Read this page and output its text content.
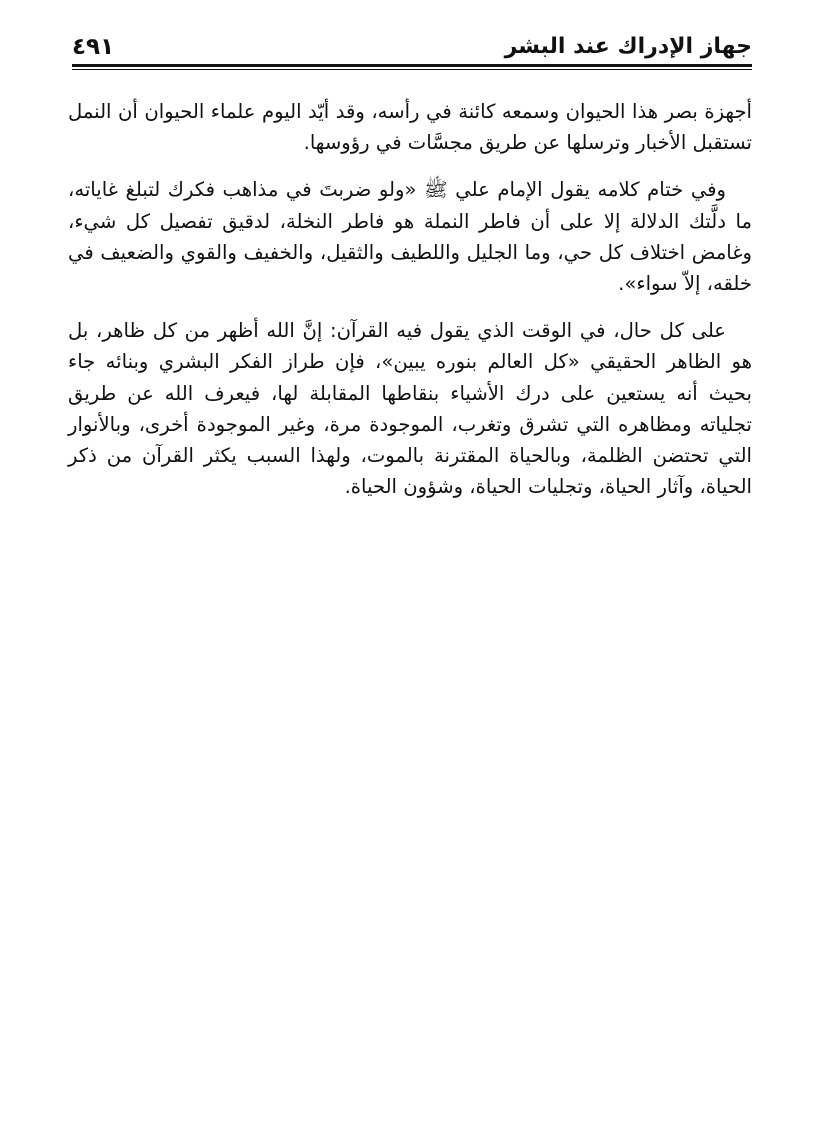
جهاز الإدراك عند البشر
٤٩١

أجهزة بصر هذا الحيوان وسمعه كائنة في رأسه، وقد أيّد اليوم علماء الحيوان أن النمل تستقبل الأخبار وترسلها عن طريق مجسَّات في رؤوسها.

وفي ختام كلامه يقول الإمام علي ﷺ «ولو ضربتَ في مذاهب فكرك لتبلغ غاياته، ما دلَّتك الدلالة إلا على أن فاطر النملة هو فاطر النخلة، لدقيق تفصيل كل شيء، وغامض اختلاف كل حي، وما الجليل واللطيف والثقيل، والخفيف والقوي والضعيف في خلقه، إلاّ سواء».

على كل حال، في الوقت الذي يقول فيه القرآن: إنَّ الله أظهر من كل ظاهر، بل هو الظاهر الحقيقي «كل العالم بنوره يبين»، فإن طراز الفكر البشري وبنائه جاء بحيث أنه يستعين على درك الأشياء بنقاطها المقابلة لها، فيعرف الله عن طريق تجلياته ومظاهره التي تشرق وتغرب، الموجودة مرة، وغير الموجودة أخرى، وبالأنوار التي تحتضن الظلمة، وبالحياة المقترنة بالموت، ولهذا السبب يكثر القرآن من ذكر الحياة، وآثار الحياة، وتجليات الحياة، وشؤون الحياة.
